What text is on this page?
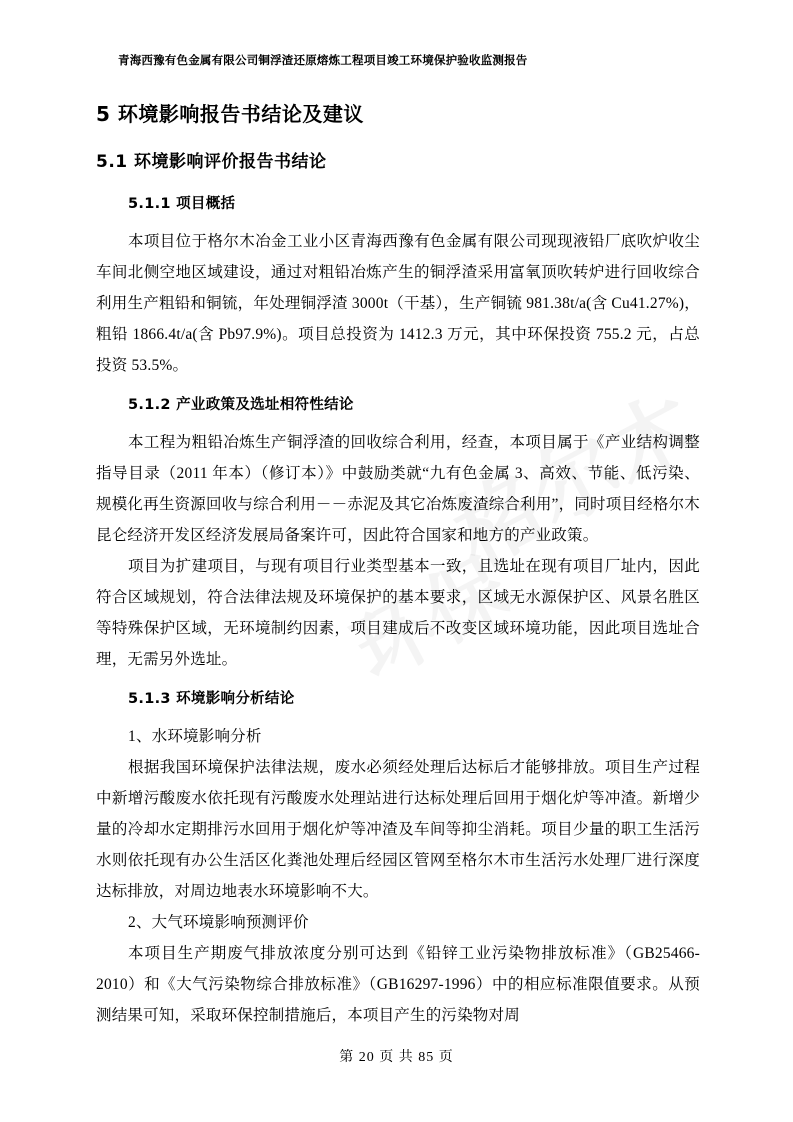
青海西豫有色金属有限公司铜浮渣还原熔炼工程项目竣工环境保护验收监测报告
5 环境影响报告书结论及建议
5.1 环境影响评价报告书结论
5.1.1 项目概括

本项目位于格尔木冶金工业小区青海西豫有色金属有限公司现现液铅厂底吹炉收尘车间北侧空地区域建设，通过对粗铅冶炼产生的铜浮渣采用富氧顶吹转炉进行回收综合利用生产粗铅和铜锍，年处理铜浮渣 3000t（干基），生产铜锍 981.38t/a(含 Cu41.27%)，粗铅 1866.4t/a(含 Pb97.9%)。项目总投资为 1412.3 万元，其中环保投资 755.2 元，占总投资 53.5%。

5.1.2 产业政策及选址相符性结论

本工程为粗铅冶炼生产铜浮渣的回收综合利用，经查，本项目属于《产业结构调整指导目录（2011 年本）（修订本）》中鼓励类就“九有色金属 3、高效、节能、低污染、规模化再生资源回收与综合利用－－赤泥及其它冶炼废渣综合利用”，同时项目经格尔木昆仑经济开发区经济发展局备案许可，因此符合国家和地方的产业政策。

项目为扩建项目，与现有项目行业类型基本一致，且选址在现有项目厂址内，因此符合区域规划，符合法律法规及环境保护的基本要求，区域无水源保护区、风景名胜区等特殊保护区域，无环境制约因素，项目建成后不改变区域环境功能，因此项目选址合理，无需另外选址。

5.1.3 环境影响分析结论

1、水环境影响分析

根据我国环境保护法律法规，废水必须经处理后达标后才能够排放。项目生产过程中新增污酸废水依托现有污酸废水处理站进行达标处理后回用于烟化炉等冲渣。新增少量的冷却水定期排污水回用于烟化炉等冲渣及车间等抑尘消耗。项目少量的职工生活污水则依托现有办公生活区化粪池处理后经园区管网至格尔木市生活污水处理厂进行深度达标排放，对周边地表水环境影响不大。

2、大气环境影响预测评价

本项目生产期废气排放浓度分别可达到《铅锌工业污染物排放标准》（GB25466-2010）和《大气污染物综合排放标准》（GB16297-1996）中的相应标准限值要求。从预测结果可知，采取环保控制措施后，本项目产生的污染物对周

第 20 页 共 85 页
